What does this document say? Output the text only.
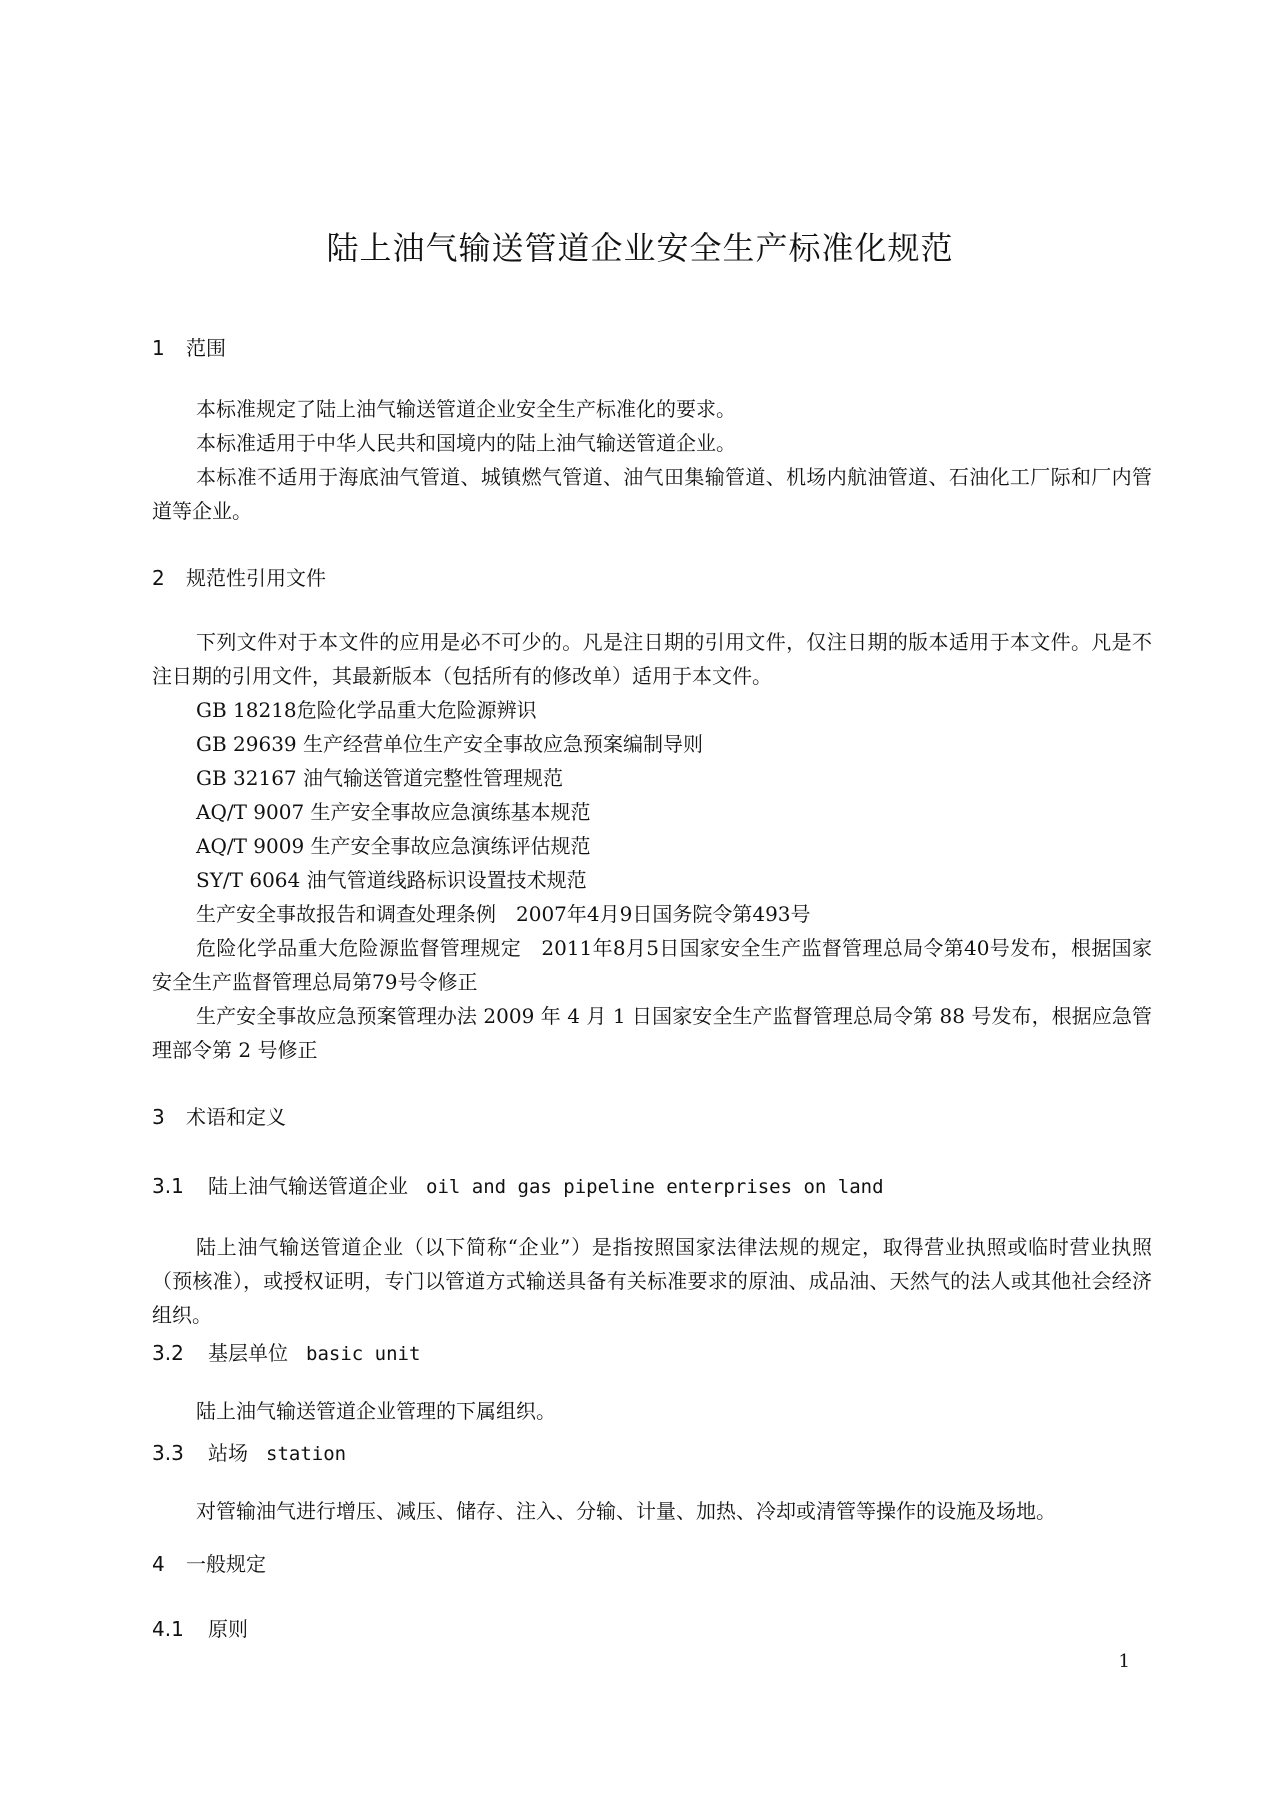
陆上油气输送管道企业安全生产标准化规范
1 范围

本标准规定了陆上油气输送管道企业安全生产标准化的要求。

本标准适用于中华人民共和国境内的陆上油气输送管道企业。

本标准不适用于海底油气管道、城镇燃气管道、油气田集输管道、机场内航油管道、石油化工厂际和厂内管道等企业。

2 规范性引用文件

下列文件对于本文件的应用是必不可少的。凡是注日期的引用文件，仅注日期的版本适用于本文件。凡是不注日期的引用文件，其最新版本（包括所有的修改单）适用于本文件。

GB 18218危险化学品重大危险源辨识
GB 29639 生产经营单位生产安全事故应急预案编制导则
GB 32167 油气输送管道完整性管理规范
AQ/T 9007 生产安全事故应急演练基本规范
AQ/T 9009 生产安全事故应急演练评估规范
SY/T 6064 油气管道线路标识设置技术规范
生产安全事故报告和调查处理条例　2007年4月9日国务院令第493号

危险化学品重大危险源监督管理规定　2011年8月5日国家安全生产监督管理总局令第40号发布，根据国家安全生产监督管理总局第79号令修正

生产安全事故应急预案管理办法 2009 年 4 月 1 日国家安全生产监督管理总局令第 88 号发布，根据应急管理部令第 2 号修正

3 术语和定义
3.1 陆上油气输送管道企业 oil and gas pipeline enterprises on land

陆上油气输送管道企业（以下简称“企业”）是指按照国家法律法规的规定，取得营业执照或临时营业执照（预核准），或授权证明，专门以管道方式输送具备有关标准要求的原油、成品油、天然气的法人或其他社会经济组织。

3.2 基层单位 basic unit

陆上油气输送管道企业管理的下属组织。

3.3 站场 station

对管输油气进行增压、减压、储存、注入、分输、计量、加热、冷却或清管等操作的设施及场地。

4 一般规定
4.1 原则
1
